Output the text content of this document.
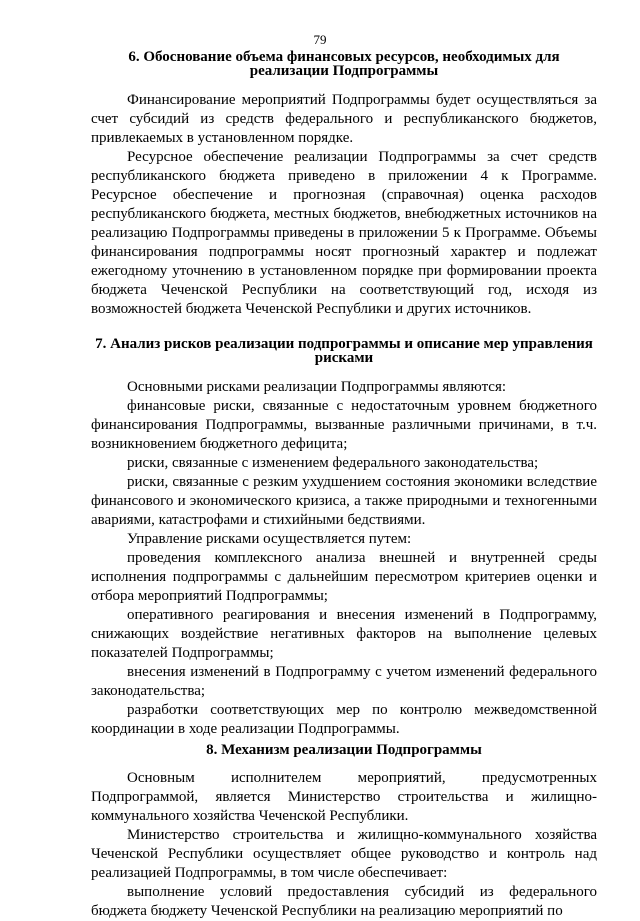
79
6. Обоснование объема финансовых ресурсов, необходимых для реализации Подпрограммы

Финансирование мероприятий Подпрограммы будет осуществляться за счет субсидий из средств федерального и республиканского бюджетов, привлекаемых в установленном порядке.

Ресурсное обеспечение реализации Подпрограммы за счет средств республиканского бюджета приведено в приложении 4 к Программе. Ресурсное обеспечение и прогнозная (справочная) оценка расходов республиканского бюджета, местных бюджетов, внебюджетных источников на реализацию Подпрограммы приведены в приложении 5 к Программе. Объемы финансирования подпрограммы носят прогнозный характер и подлежат ежегодному уточнению в установленном порядке при формировании проекта бюджета Чеченской Республики на соответствующий год, исходя из возможностей бюджета Чеченской Республики и других источников.

7. Анализ рисков реализации подпрограммы и описание мер управления рисками

Основными рисками реализации Подпрограммы являются:

финансовые риски, связанные с недостаточным уровнем бюджетного финансирования Подпрограммы, вызванные различными причинами, в т.ч. возникновением бюджетного дефицита;

риски, связанные с изменением федерального законодательства;

риски, связанные с резким ухудшением состояния экономики вследствие финансового и экономического кризиса, а также природными и техногенными авариями, катастрофами и стихийными бедствиями.

Управление рисками осуществляется путем:

проведения комплексного анализа внешней и внутренней среды исполнения подпрограммы с дальнейшим пересмотром критериев оценки и отбора мероприятий Подпрограммы;

оперативного реагирования и внесения изменений в Подпрограмму, снижающих воздействие негативных факторов на выполнение целевых показателей Подпрограммы;

внесения изменений в Подпрограмму с учетом изменений федерального законодательства;

разработки соответствующих мер по контролю межведомственной координации в ходе реализации Подпрограммы.

8. Механизм реализации Подпрограммы

Основным исполнителем мероприятий, предусмотренных Подпрограммой, является Министерство строительства и жилищно-коммунального хозяйства Чеченской Республики.

Министерство строительства и жилищно-коммунального хозяйства Чеченской Республики осуществляет общее руководство и контроль над реализацией Подпрограммы, в том числе обеспечивает:

выполнение условий предоставления субсидий из федерального бюджета бюджету Чеченской Республики на реализацию мероприятий по
